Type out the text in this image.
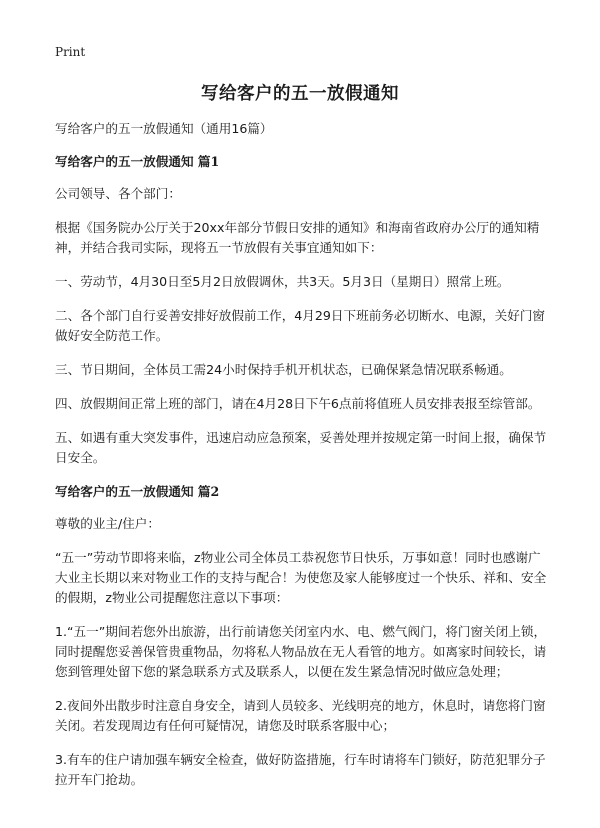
Print
写给客户的五一放假通知

写给客户的五一放假通知（通用16篇）

写给客户的五一放假通知 篇1

公司领导、各个部门：

根据《国务院办公厅关于20xx年部分节假日安排的通知》和海南省政府办公厅的通知精神，并结合我司实际，现将五一节放假有关事宜通知如下：

一、劳动节，4月30日至5月2日放假调休，共3天。5月3日（星期日）照常上班。

二、各个部门自行妥善安排好放假前工作，4月29日下班前务必切断水、电源，关好门窗做好安全防范工作。

三、节日期间，全体员工需24小时保持手机开机状态，已确保紧急情况联系畅通。

四、放假期间正常上班的部门，请在4月28日下午6点前将值班人员安排表报至综管部。

五、如遇有重大突发事件，迅速启动应急预案，妥善处理并按规定第一时间上报，确保节日安全。

写给客户的五一放假通知 篇2

尊敬的业主/住户：

“五一”劳动节即将来临，z物业公司全体员工恭祝您节日快乐，万事如意！同时也感谢广大业主长期以来对物业工作的支持与配合！为使您及家人能够度过一个快乐、祥和、安全的假期，z物业公司提醒您注意以下事项：

1.“五一”期间若您外出旅游，出行前请您关闭室内水、电、燃气阀门，将门窗关闭上锁，同时提醒您妥善保管贵重物品，勿将私人物品放在无人看管的地方。如离家时间较长，请您到管理处留下您的紧急联系方式及联系人，以便在发生紧急情况时做应急处理；

2.夜间外出散步时注意自身安全，请到人员较多、光线明亮的地方，休息时，请您将门窗关闭。若发现周边有任何可疑情况，请您及时联系客服中心；

3.有车的住户请加强车辆安全检查，做好防盗措施，行车时请将车门锁好，防范犯罪分子拉开车门抢劫。
